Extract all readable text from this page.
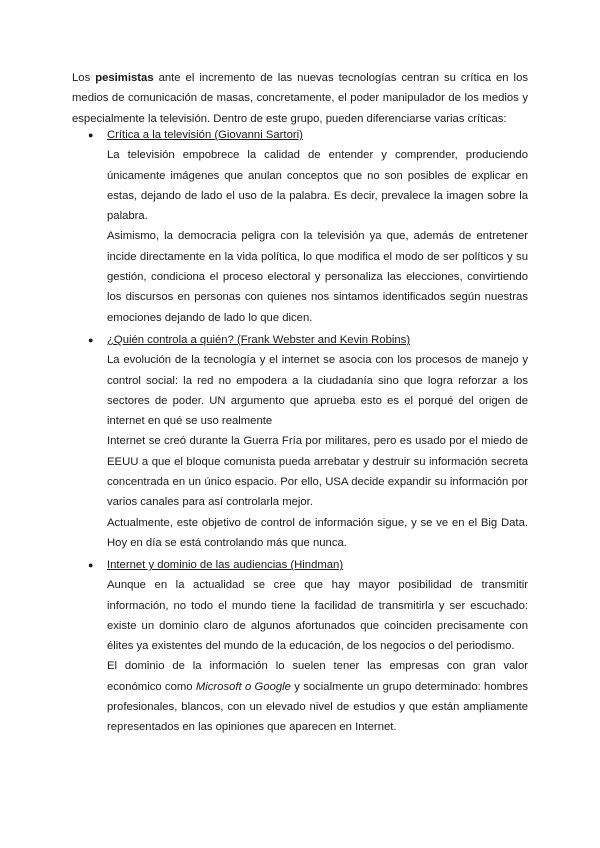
Los pesimistas ante el incremento de las nuevas tecnologías centran su crítica en los medios de comunicación de masas, concretamente, el poder manipulador de los medios y especialmente la televisión. Dentro de este grupo, pueden diferenciarse varias críticas:

● Crítica a la televisión (Giovanni Sartori)

La televisión empobrece la calidad de entender y comprender, produciendo únicamente imágenes que anulan conceptos que no son posibles de explicar en estas, dejando de lado el uso de la palabra. Es decir, prevalece la imagen sobre la palabra.

Asimismo, la democracia peligra con la televisión ya que, además de entretener incide directamente en la vida política, lo que modifica el modo de ser políticos y su gestión, condiciona el proceso electoral y personaliza las elecciones, convirtiendo los discursos en personas con quienes nos sintamos identificados según nuestras emociones dejando de lado lo que dicen.

● ¿Quién controla a quién? (Frank Webster and Kevin Robins)

La evolución de la tecnología y el internet se asocia con los procesos de manejo y control social: la red no empodera a la ciudadanía sino que logra reforzar a los sectores de poder. UN argumento que aprueba esto es el porqué del origen de internet en qué se uso realmente

Internet se creó durante la Guerra Fría por militares, pero es usado por el miedo de EEUU a que el bloque comunista pueda arrebatar y destruir su información secreta concentrada en un único espacio. Por ello, USA decide expandir su información por varios canales para así controlarla mejor.

Actualmente, este objetivo de control de información sigue, y se ve en el Big Data. Hoy en día se está controlando más que nunca.

● Internet y dominio de las audiencias (Hindman)

Aunque en la actualidad se cree que hay mayor posibilidad de transmitir información, no todo el mundo tiene la facilidad de transmitirla y ser escuchado: existe un dominio claro de algunos afortunados que coinciden precisamente con élites ya existentes del mundo de la educación, de los negocios o del periodismo.

El dominio de la información lo suelen tener las empresas con gran valor económico como Microsoft o Google y socialmente un grupo determinado: hombres profesionales, blancos, con un elevado nivel de estudios y que están ampliamente representados en las opiniones que aparecen en Internet.
